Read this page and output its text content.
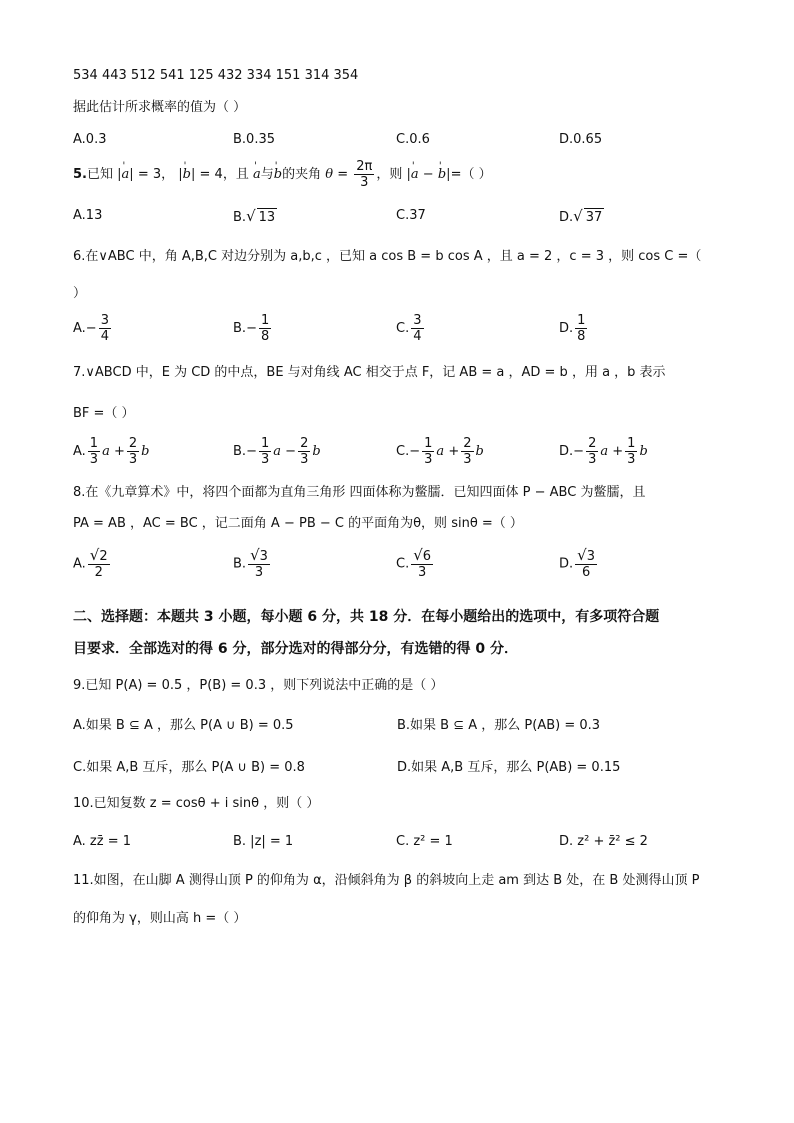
534 443 512 541 125 432 334 151 314 354
据此估计所求概率的值为（ ）
A.0.3	B.0.35	C.0.6	D.0.65
5.已知 |' a| = 3， |' b| = 4，且 ' a与' b的夹角 $\theta = \frac{2\pi}{3}$ ，则 |' a − ' b|=（ ）
A.13	B.√ 13	C.37	D.√ 37
6.在∨ABC 中，角 A,B,C 对边分别为 a,b,c ，已知 a cos B = b cos A ，且 a = 2 ，c = 3 ，则 cos C =（
）
$A.- \frac{3}{4}$	$B.- \frac{1}{8}$	C. $\frac{3}{4}$	D. $\frac{1}{8}$
7.∨ABCD 中，E 为 CD 的中点，BE 与对角线 AC 相交于点 F，记 AB = a ，AD = b ，用 a ，b 表示
BF =（ ）
A. $\frac{1}{3}$ $a + \frac{2}{3}$ b	$B.- \frac{1}{3}$ $a - \frac{2}{3}$ b	$C.- \frac{1}{3}$ $a + \frac{2}{3}$ b	$D.- \frac{2}{3}$ $a + \frac{1}{3}$ b
8.在《九章算术》中，将四个面都为直角三角形 四面体称为鳖臑．已知四面体 P − ABC 为鳖臑，且
PA = AB ，AC = BC ，记二面角 A − PB − C 的平面角为θ，则 sinθ =（ ）
A. $\frac{√2}{2}$	B. $\frac{√3}{3}$	C. $\frac{√6}{3}$	D. $\frac{√3}{6}$
二、选择题：本题共 3 小题，每小题 6 分，共 18 分．在每小题给出的选项中，有多项符合题
目要求．全部选对的得 6 分，部分选对的得部分分，有选错的得 0 分．
9.已知 P(A) = 0.5 ，P(B) = 0.3 ，则下列说法中正确的是（ ）
A.如果 B ⊆ A ，那么 P(A ∪ B) = 0.5	B.如果 B ⊆ A ，那么 P(AB) = 0.3
C.如果 A,B 互斥，那么 P(A ∪ B) = 0.8	D.如果 A,B 互斥，那么 P(AB) = 0.15
10.已知复数 z = cosθ + i sinθ ，则（ ）
A. zz̄ = 1	B. |z| = 1	C. z² = 1	D. z² + z̄² ≤ 2
11.如图，在山脚 A 测得山顶 P 的仰角为 α，沿倾斜角为 β 的斜坡向上走 am 到达 B 处，在 B 处测得山顶 P
的仰角为 γ，则山高 h =（ ）
